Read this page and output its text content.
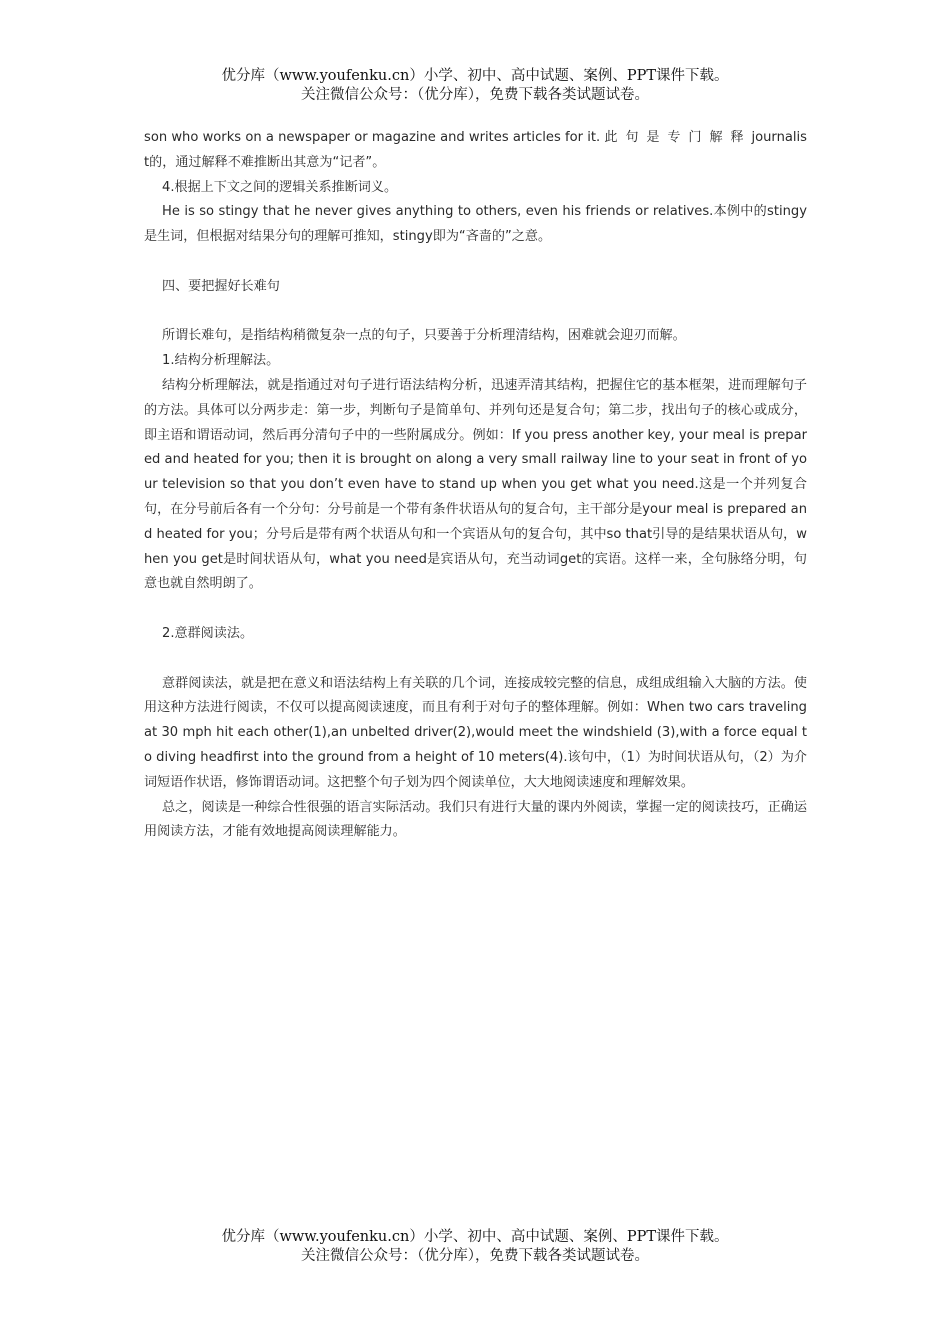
优分库（www.youfenku.cn）小学、初中、高中试题、案例、PPT课件下载。
关注微信公众号：（优分库），免费下载各类试题试卷。

son who works on a newspaper or magazine and writes articles for it. 此句是专门解释journalist的，通过解释不难推断出其意为“记者”。

4.根据上下文之间的逻辑关系推断词义。

He is so stingy that he never gives anything to others, even his friends or relatives.本例中的stingy是生词，但根据对结果分句的理解可推知，stingy即为“吝啬的”之意。

四、要把握好长难句

所谓长难句，是指结构稍微复杂一点的句子，只要善于分析理清结构，困难就会迎刃而解。

1.结构分析理解法。

结构分析理解法，就是指通过对句子进行语法结构分析，迅速弄清其结构，把握住它的基本框架，进而理解句子的方法。具体可以分两步走：第一步，判断句子是简单句、并列句还是复合句；第二步，找出句子的核心或成分，即主语和谓语动词，然后再分清句子中的一些附属成分。例如：If you press another key, your meal is prepared and heated for you; then it is brought on along a very small railway line to your seat in front of your television so that you don’t even have to stand up when you get what you need.这是一个并列复合句，在分号前后各有一个分句：分号前是一个带有条件状语从句的复合句，主干部分是your meal is prepared and heated for you；分号后是带有两个状语从句和一个宾语从句的复合句，其中so that引导的是结果状语从句，when you get是时间状语从句，what you need是宾语从句，充当动词get的宾语。这样一来，全句脉络分明，句意也就自然明朗了。

2.意群阅读法。

意群阅读法，就是把在意义和语法结构上有关联的几个词，连接成较完整的信息，成组成组输入大脑的方法。使用这种方法进行阅读，不仅可以提高阅读速度，而且有利于对句子的整体理解。例如：When two cars traveling at 30 mph hit each other(1),an unbelted driver(2),would meet the windshield (3),with a force equal to diving headfirst into the ground from a height of 10 meters(4).该句中，（1）为时间状语从句，（2）为介词短语作状语，修饰谓语动词。这把整个句子划为四个阅读单位，大大地阅读速度和理解效果。

总之，阅读是一种综合性很强的语言实际活动。我们只有进行大量的课内外阅读，掌握一定的阅读技巧，正确运用阅读方法，才能有效地提高阅读理解能力。

优分库（www.youfenku.cn）小学、初中、高中试题、案例、PPT课件下载。
关注微信公众号：（优分库），免费下载各类试题试卷。
